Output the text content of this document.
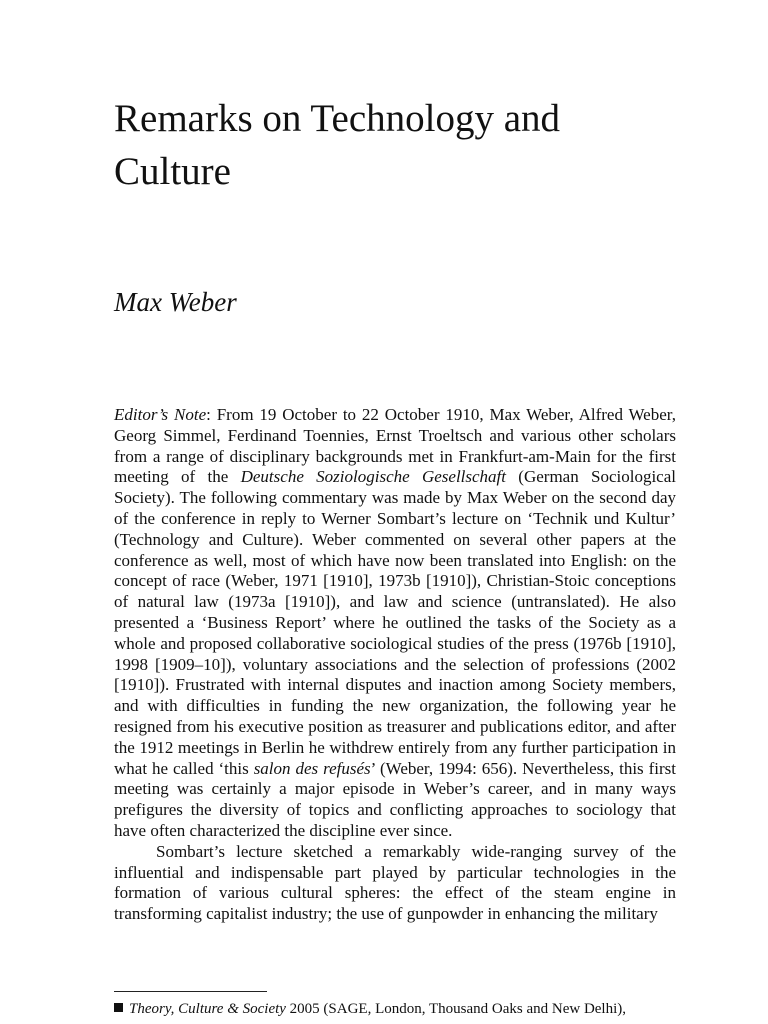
Remarks on Technology and Culture
Max Weber

Editor’s Note: From 19 October to 22 October 1910, Max Weber, Alfred Weber, Georg Simmel, Ferdinand Toennies, Ernst Troeltsch and various other scholars from a range of disciplinary backgrounds met in Frankfurt-am-Main for the first meeting of the Deutsche Soziologische Gesellschaft (German Sociological Society). The following commentary was made by Max Weber on the second day of the conference in reply to Werner Sombart’s lecture on ‘Technik und Kultur’ (Technology and Culture). Weber commented on several other papers at the conference as well, most of which have now been translated into English: on the concept of race (Weber, 1971 [1910], 1973b [1910]), Christian-Stoic conceptions of natural law (1973a [1910]), and law and science (untranslated). He also presented a ‘Business Report’ where he outlined the tasks of the Society as a whole and proposed collaborative sociological studies of the press (1976b [1910], 1998 [1909–10]), voluntary associations and the selection of professions (2002 [1910]). Frustrated with internal disputes and inaction among Society members, and with difficulties in funding the new organization, the following year he resigned from his executive position as treasurer and publications editor, and after the 1912 meetings in Berlin he withdrew entirely from any further participation in what he called ‘this salon des refusés’ (Weber, 1994: 656). Nevertheless, this first meeting was certainly a major episode in Weber’s career, and in many ways prefigures the diversity of topics and conflicting approaches to sociology that have often characterized the discipline ever since.

Sombart’s lecture sketched a remarkably wide-ranging survey of the influential and indispensable part played by particular technologies in the formation of various cultural spheres: the effect of the steam engine in transforming capitalist industry; the use of gunpowder in enhancing the military

Theory, Culture & Society 2005 (SAGE, London, Thousand Oaks and New Delhi),
